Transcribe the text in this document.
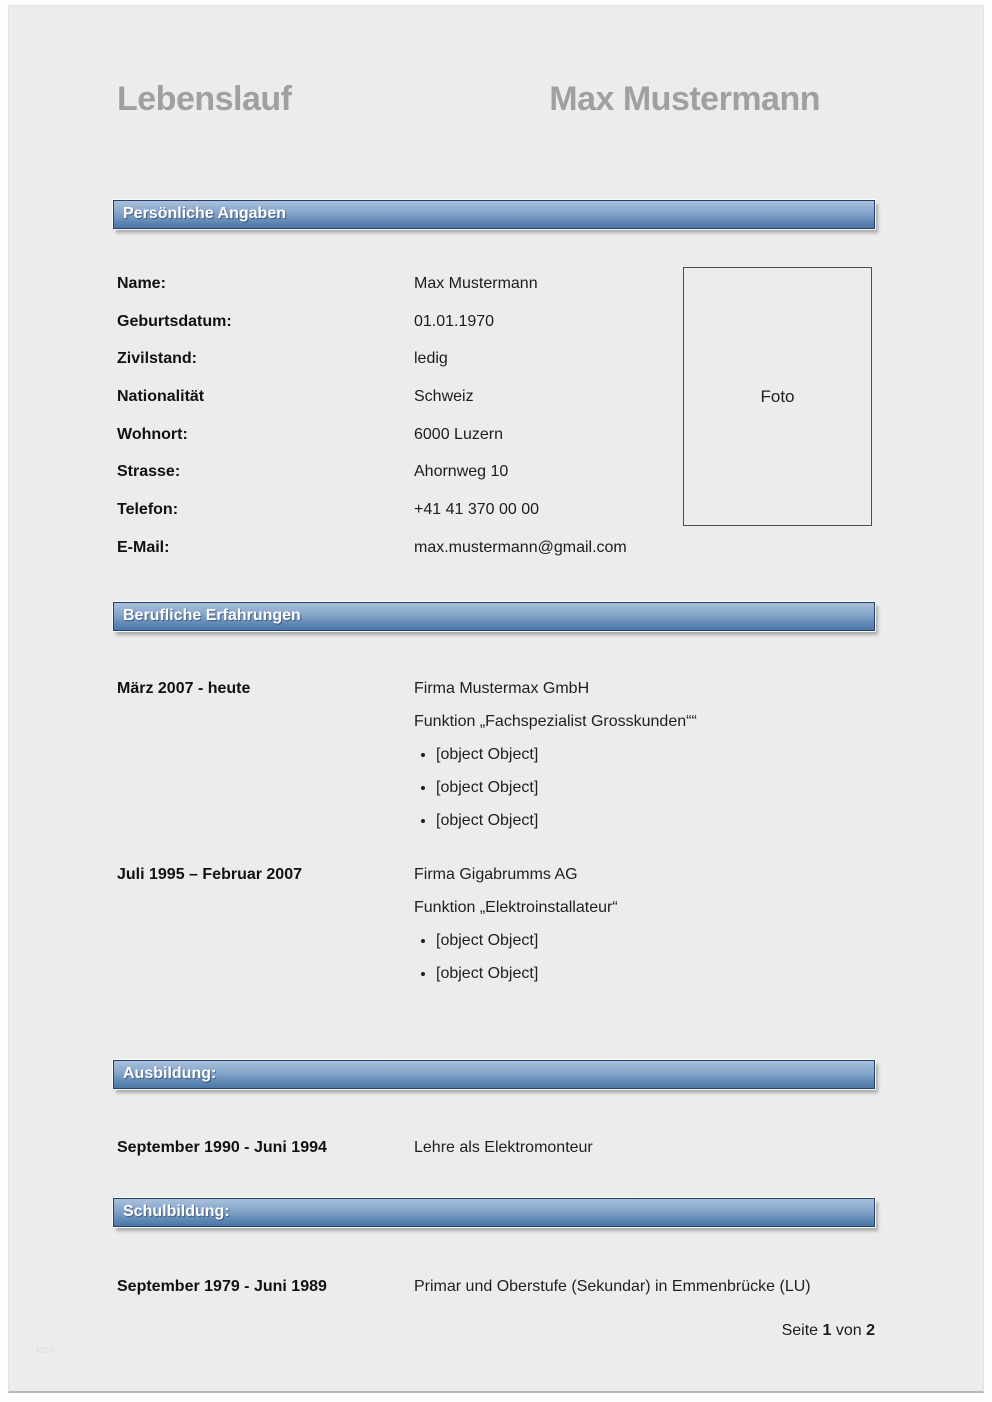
Lebenslauf	Max Mustermann
Persönliche Angaben
Name:	Max Mustermann
Geburtsdatum:	01.01.1970
Zivilstand:	ledig
Nationalität	Schweiz
Wohnort:	6000 Luzern
Strasse:	Ahornweg 10
Telefon:	+41 41 370 00 00
E-Mail:	max.mustermann@gmail.com
Foto
Berufliche Erfahrungen
März 2007 - heute	Firma Mustermax GmbH
Funktion „Fachspezialist Grosskunden““
• [object Object]
• [object Object]
• [object Object]
Juli 1995 – Februar 2007	Firma Gigabrumms AG
Funktion „Elektroinstallateur“
• [object Object]
• [object Object]
Ausbildung:
September 1990 - Juni 1994	Lehre als Elektromonteur
Schulbildung:
September 1979 - Juni 1989	Primar und Oberstufe (Sekundar) in Emmenbrücke (LU)
Seite 1 von 2
fcco
